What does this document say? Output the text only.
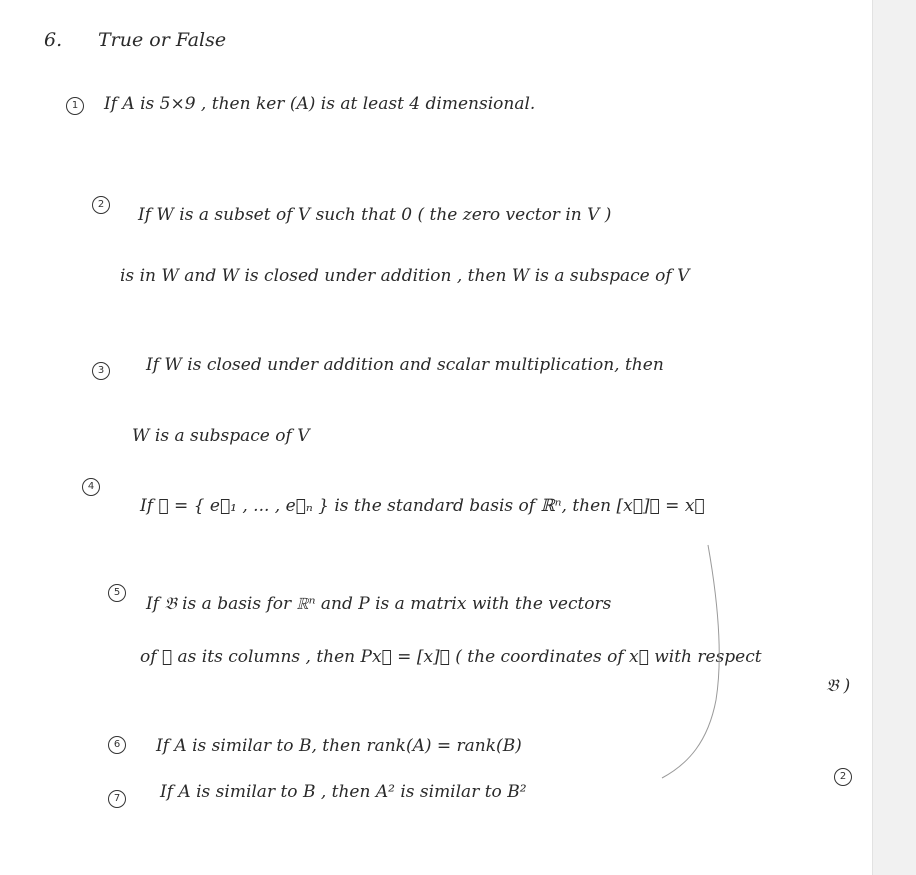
6. True or False
1	If A is 5×9 , then ker (A) is at least 4 dimensional.
2
If W is a subset of V such that 0 ( the zero vector in V )
is in W and W is closed under addition , then W is a subspace of V
3	If W is closed under addition and scalar multiplication, then
W is a subspace of V
4
If 𝔅 = { e⃗₁ , ... , e⃗ₙ } is the standard basis of ℝⁿ, then [x⃗]𝔅 = x⃗
5
If 𝔅 is a basis for ℝⁿ and P is a matrix with the vectors
of 𝔅 as its columns , then Px⃗ = [x]𝔅 ( the coordinates of x⃗ with respect
𝔅 )
6	If A is similar to B, then rank(A) = rank(B)
7	If A is similar to B , then A² is similar to B²
2
